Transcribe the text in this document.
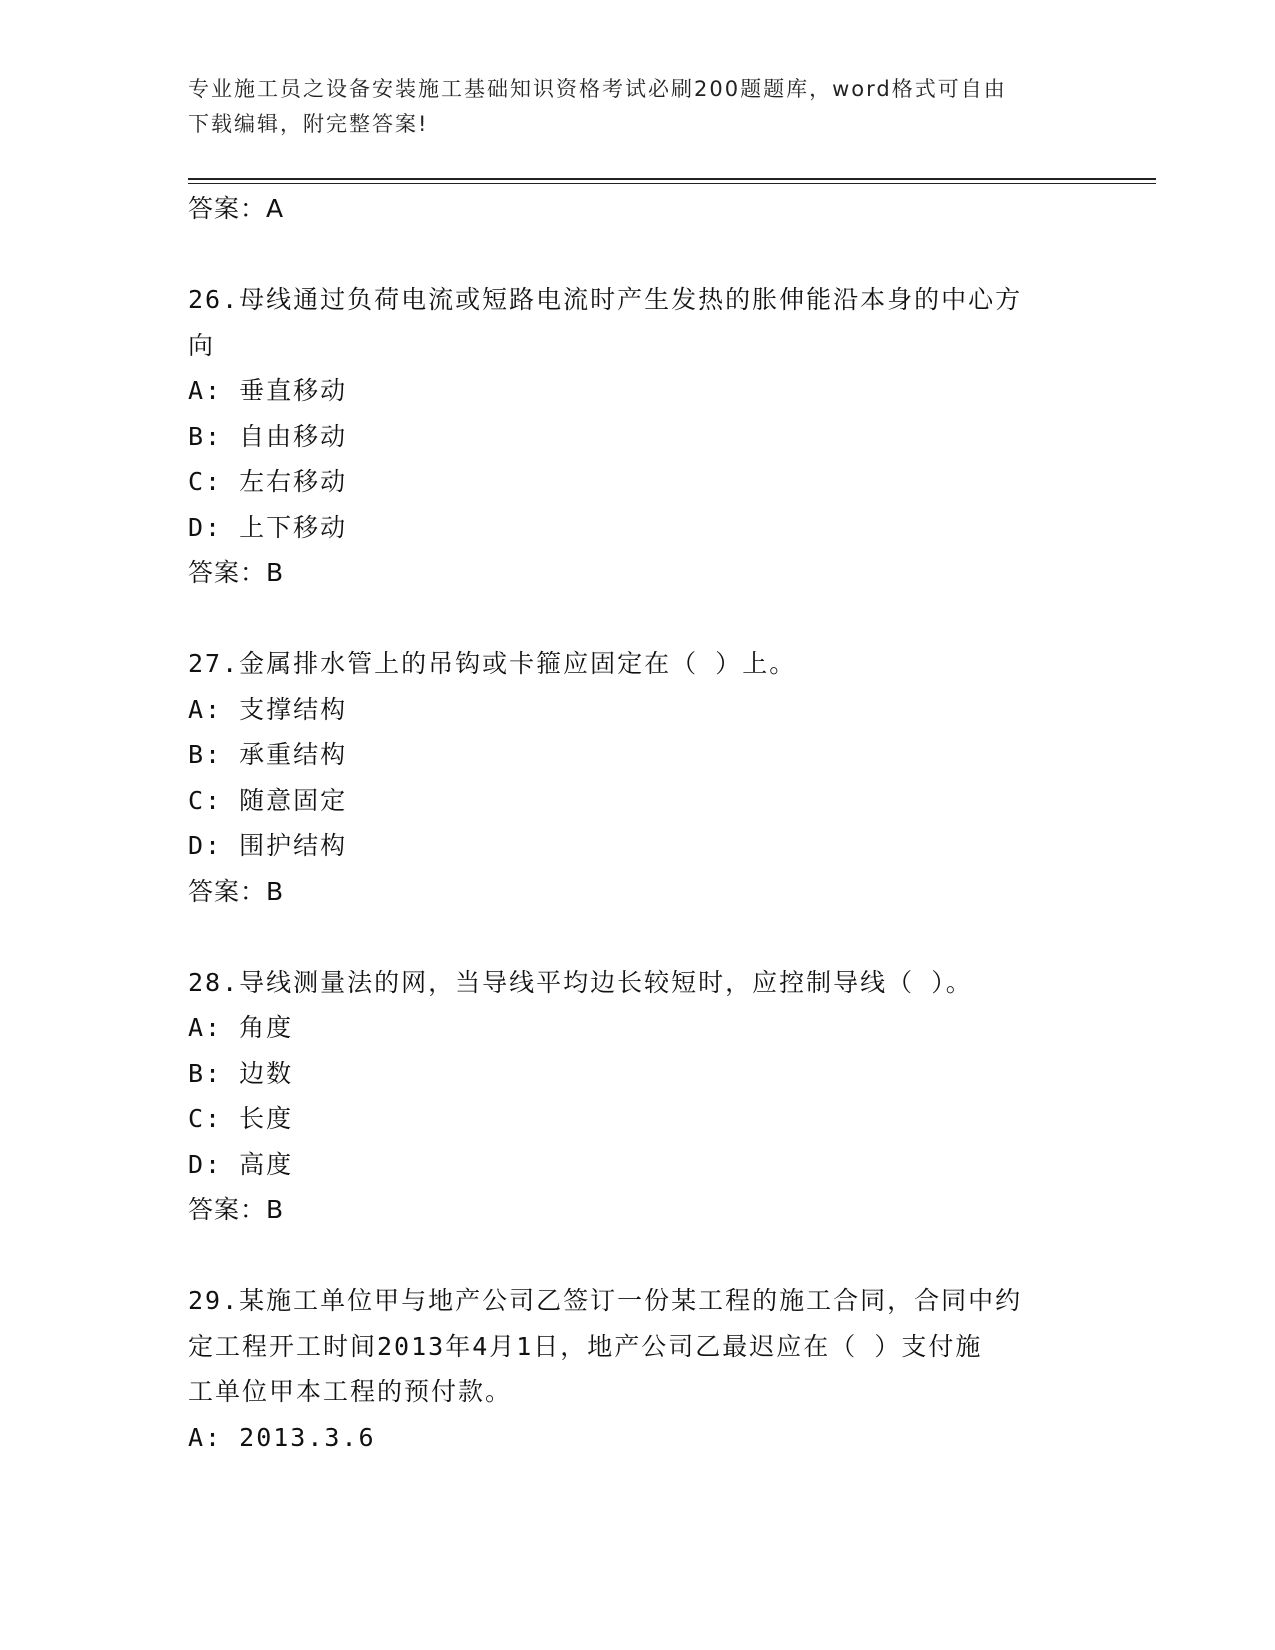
专业施工员之设备安装施工基础知识资格考试必刷200题题库，word格式可自由
下载编辑，附完整答案!

答案：A

26.母线通过负荷电流或短路电流时产生发热的胀伸能沿本身的中心方

向

A: 垂直移动

B: 自由移动

C: 左右移动

D: 上下移动

答案：B

27.金属排水管上的吊钩或卡箍应固定在（ ）上。

A: 支撑结构

B: 承重结构

C: 随意固定

D: 围护结构

答案：B

28.导线测量法的网，当导线平均边长较短时，应控制导线（ ）。

A: 角度

B: 边数

C: 长度

D: 高度

答案：B

29.某施工单位甲与地产公司乙签订一份某工程的施工合同，合同中约

定工程开工时间2013年4月1日，地产公司乙最迟应在（ ）支付施

工单位甲本工程的预付款。

A: 2013.3.6
